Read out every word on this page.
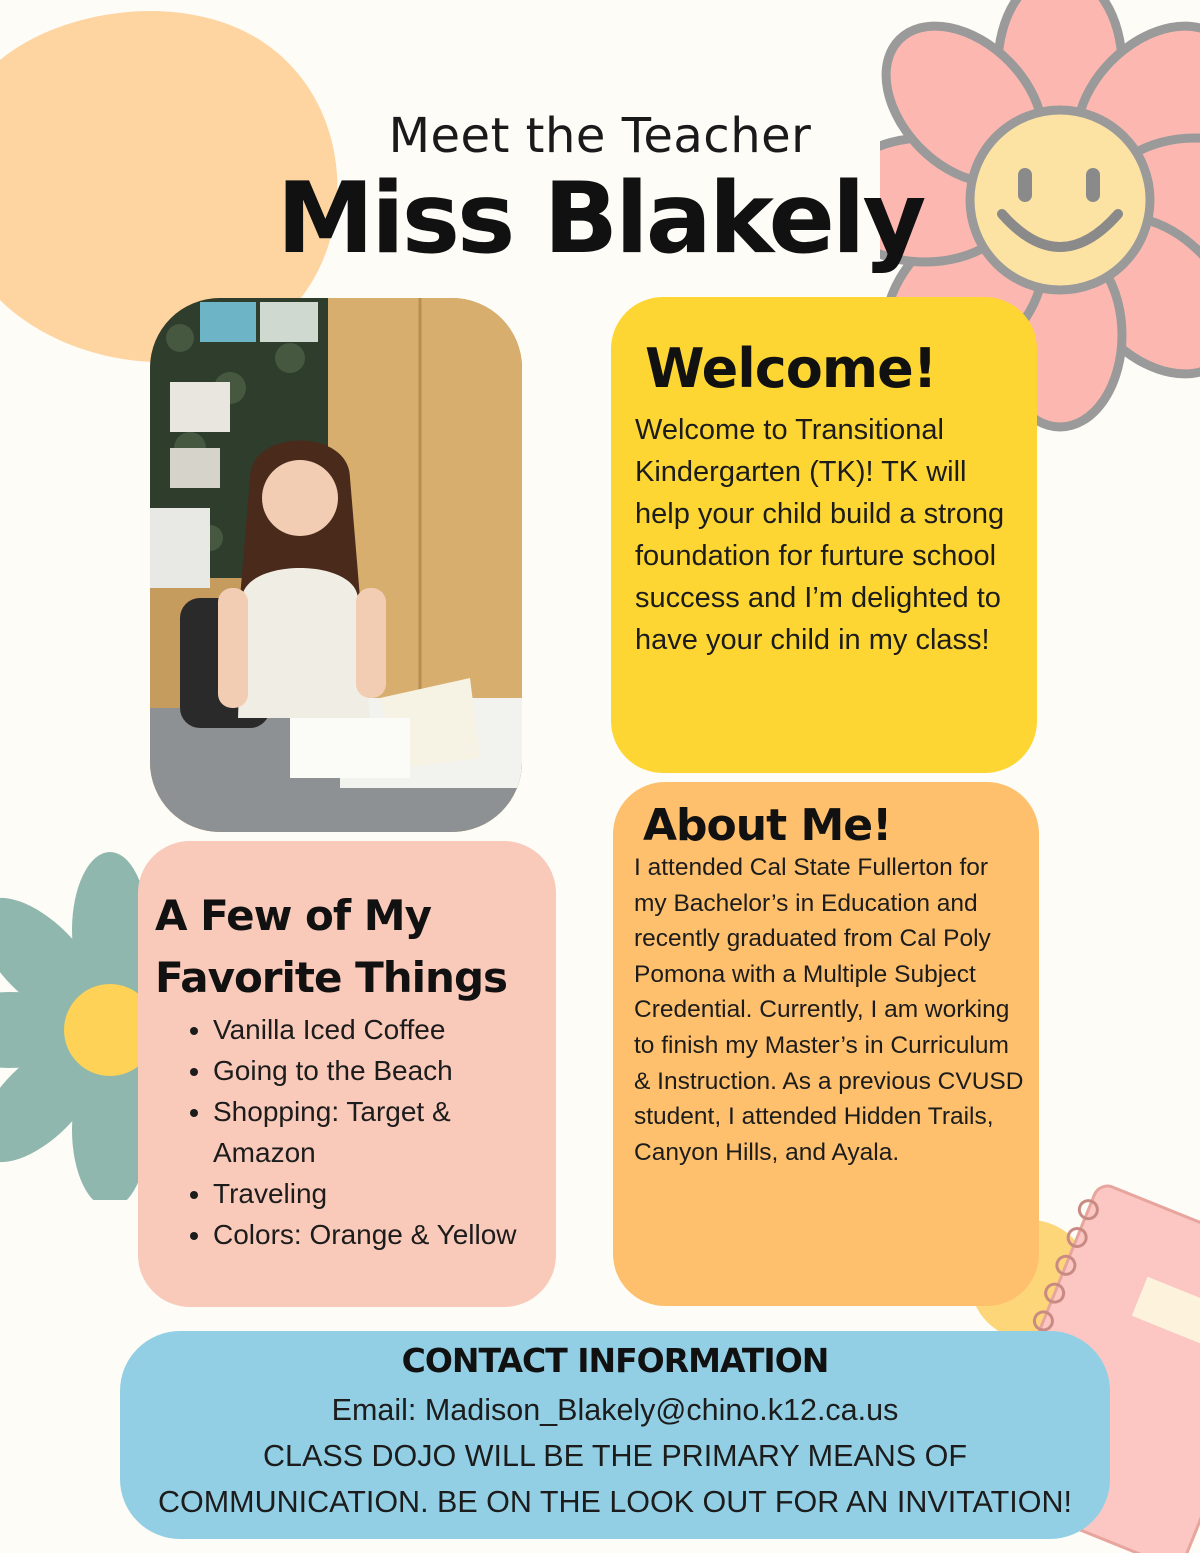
Meet the Teacher
Miss Blakely
Welcome!
Welcome to Transitional Kindergarten (TK)! TK will help your child build a strong foundation for furture school success and I’m delighted to have your child in my class!
About Me!
I attended Cal State Fullerton for my Bachelor’s in Education and recently graduated from Cal Poly Pomona with a Multiple Subject Credential. Currently, I am working to finish my Master’s in Curriculum & Instruction. As a previous CVUSD student, I attended Hidden Trails, Canyon Hills, and Ayala.
A Few of My Favorite Things
• Vanilla Iced Coffee
• Going to the Beach
• Shopping: Target & Amazon
• Traveling
• Colors: Orange & Yellow
CONTACT INFORMATION
Email: Madison_Blakely@chino.k12.ca.us
CLASS DOJO WILL BE THE PRIMARY MEANS OF
COMMUNICATION. BE ON THE LOOK OUT FOR AN INVITATION!
